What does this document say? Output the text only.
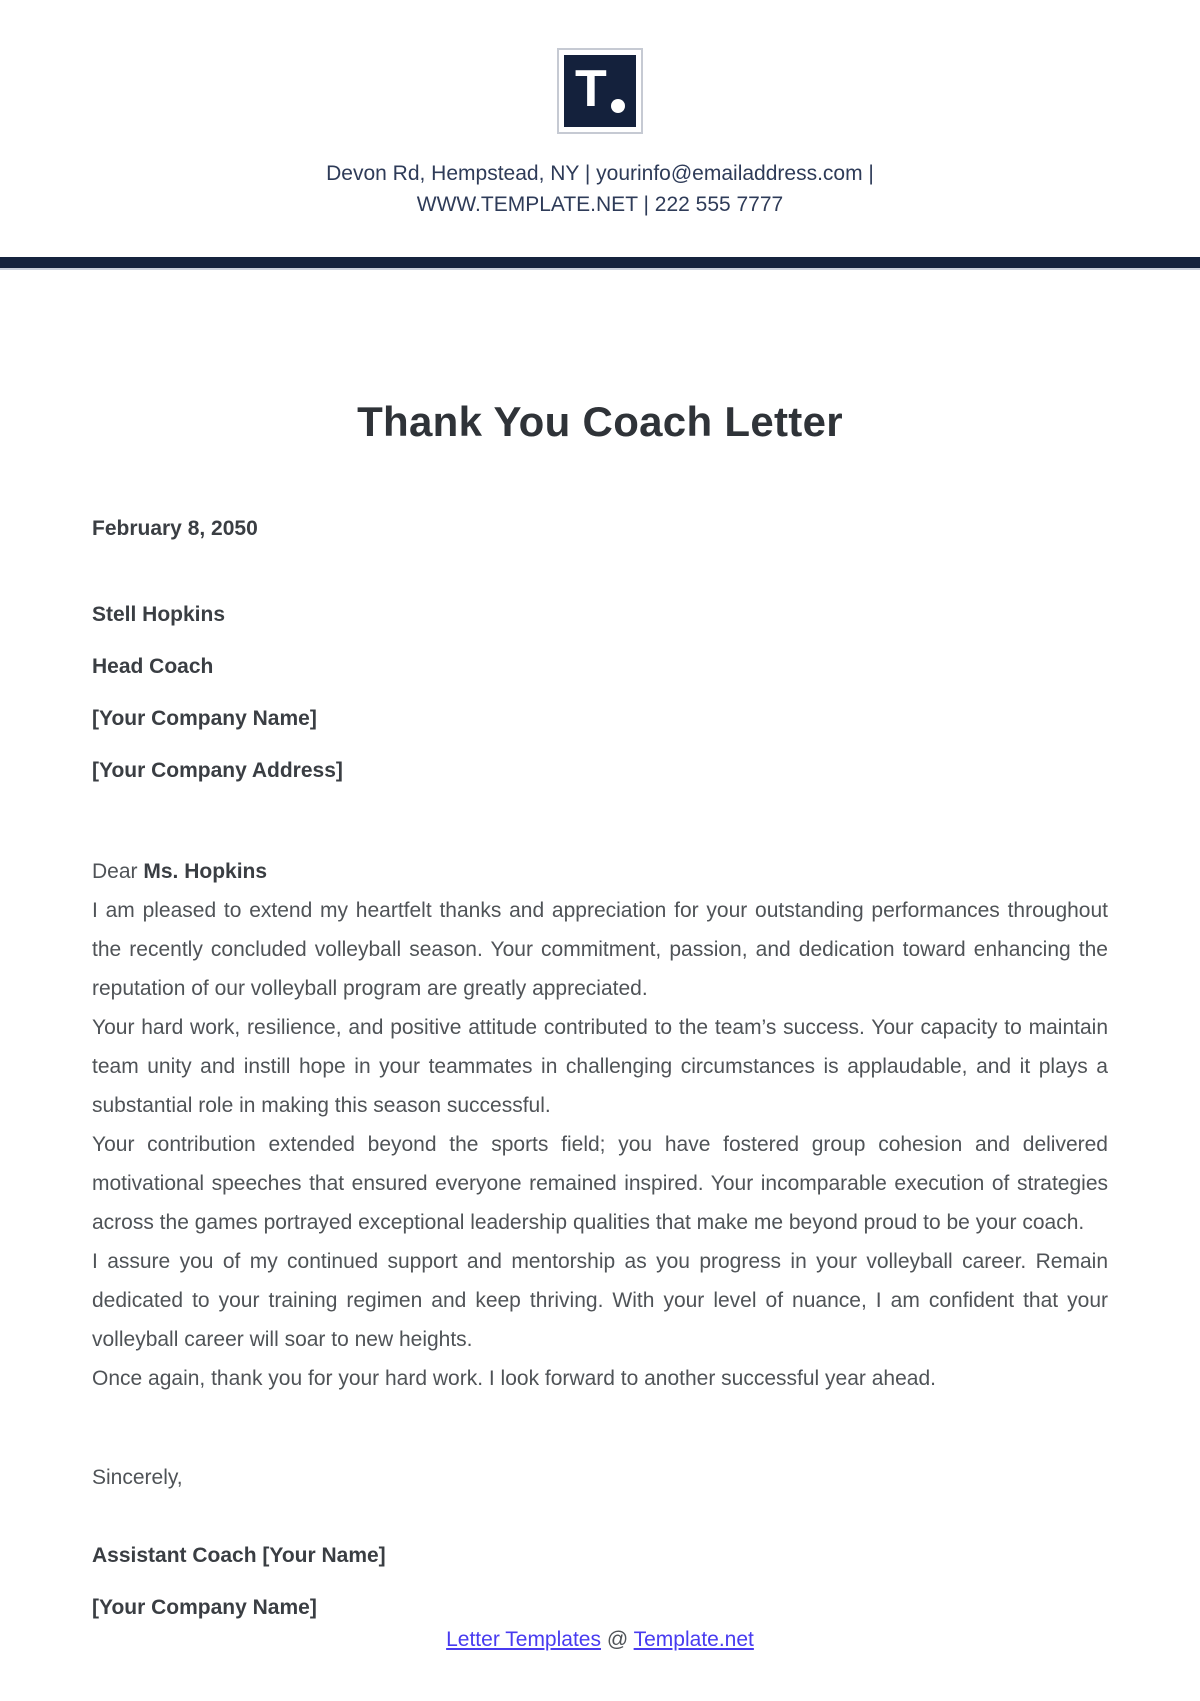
T
Devon Rd, Hempstead, NY | yourinfo@emailaddress.com |
WWW.TEMPLATE.NET | 222 555 7777
Thank You Coach Letter
February 8, 2050

Stell Hopkins

Head Coach

[Your Company Name]

[Your Company Address]

Dear Ms. Hopkins

I am pleased to extend my heartfelt thanks and appreciation for your outstanding performances throughout the recently concluded volleyball season. Your commitment, passion, and dedication toward enhancing the reputation of our volleyball program are greatly appreciated.

Your hard work, resilience, and positive attitude contributed to the team’s success. Your capacity to maintain team unity and instill hope in your teammates in challenging circumstances is applaudable, and it plays a substantial role in making this season successful.

Your contribution extended beyond the sports field; you have fostered group cohesion and delivered motivational speeches that ensured everyone remained inspired. Your incomparable execution of strategies across the games portrayed exceptional leadership qualities that make me beyond proud to be your coach.

I assure you of my continued support and mentorship as you progress in your volleyball career. Remain dedicated to your training regimen and keep thriving. With your level of nuance, I am confident that your volleyball career will soar to new heights.

Once again, thank you for your hard work. I look forward to another successful year ahead.

Sincerely,

Assistant Coach [Your Name]

[Your Company Name]

Letter Templates @ Template.net
